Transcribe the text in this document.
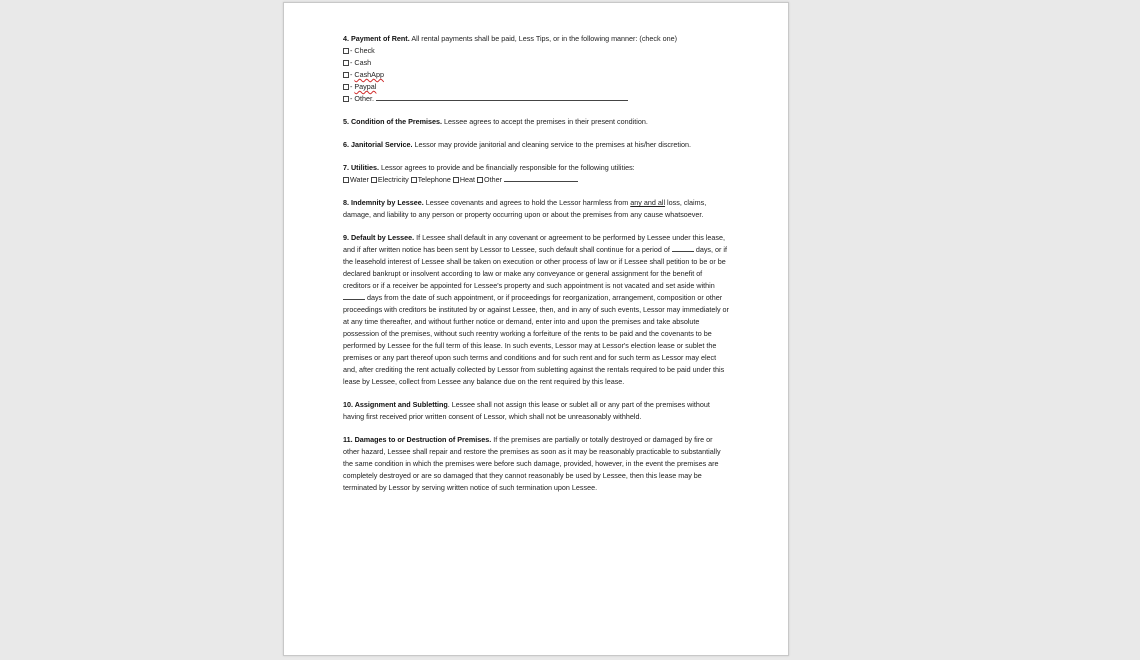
4. Payment of Rent. All rental payments shall be paid, Less Tips, or in the following manner: (check one)

- Check
- Cash
- CashApp
- Paypal
- Other.

5. Condition of the Premises. Lessee agrees to accept the premises in their present condition.

6. Janitorial Service. Lessor may provide janitorial and cleaning service to the premises at his/her discretion.

7. Utilities. Lessor agrees to provide and be financially responsible for the following utilities:

Water Electricity Telephone Heat Other

8. Indemnity by Lessee. Lessee covenants and agrees to hold the Lessor harmless from any and all loss, claims, damage, and liability to any person or property occurring upon or about the premises from any cause whatsoever.

9. Default by Lessee. If Lessee shall default in any covenant or agreement to be performed by Lessee under this lease, and if after written notice has been sent by Lessor to Lessee, such default shall continue for a period of	days, or if the leasehold interest of Lessee shall be taken on execution or other process of law or if Lessee shall petition to be or be declared bankrupt or insolvent according to law or make any conveyance or general assignment for the benefit of creditors or if a receiver be appointed for Lessee's property and such appointment is not vacated and set aside within  days from the date of such appointment, or if proceedings for reorganization, arrangement, composition or other proceedings with creditors be instituted by or against Lessee, then, and in any of such events, Lessor may immediately or at any time thereafter, and without further notice or demand, enter into and upon the premises and take absolute possession of the premises, without such reentry working a forfeiture of the rents to be paid and the covenants to be performed by Lessee for the full term of this lease. In such events, Lessor may at Lessor's election lease or sublet the premises or any part thereof upon such terms and conditions and for such rent and for such term as Lessor may elect and, after crediting the rent actually collected by Lessor from subletting against the rentals required to be paid under this lease by Lessee, collect from Lessee any balance due on the rent required by this lease.

10. Assignment and Subletting. Lessee shall not assign this lease or sublet all or any part of the premises without having first received prior written consent of Lessor, which shall not be unreasonably withheld.

11. Damages to or Destruction of Premises. If the premises are partially or totally destroyed or damaged by fire or other hazard, Lessee shall repair and restore the premises as soon as it may be reasonably practicable to substantially the same condition in which the premises were before such damage, provided, however, in the event the premises are completely destroyed or are so damaged that they cannot reasonably be used by Lessee, then this lease may be terminated by Lessor by serving written notice of such termination upon Lessee.
